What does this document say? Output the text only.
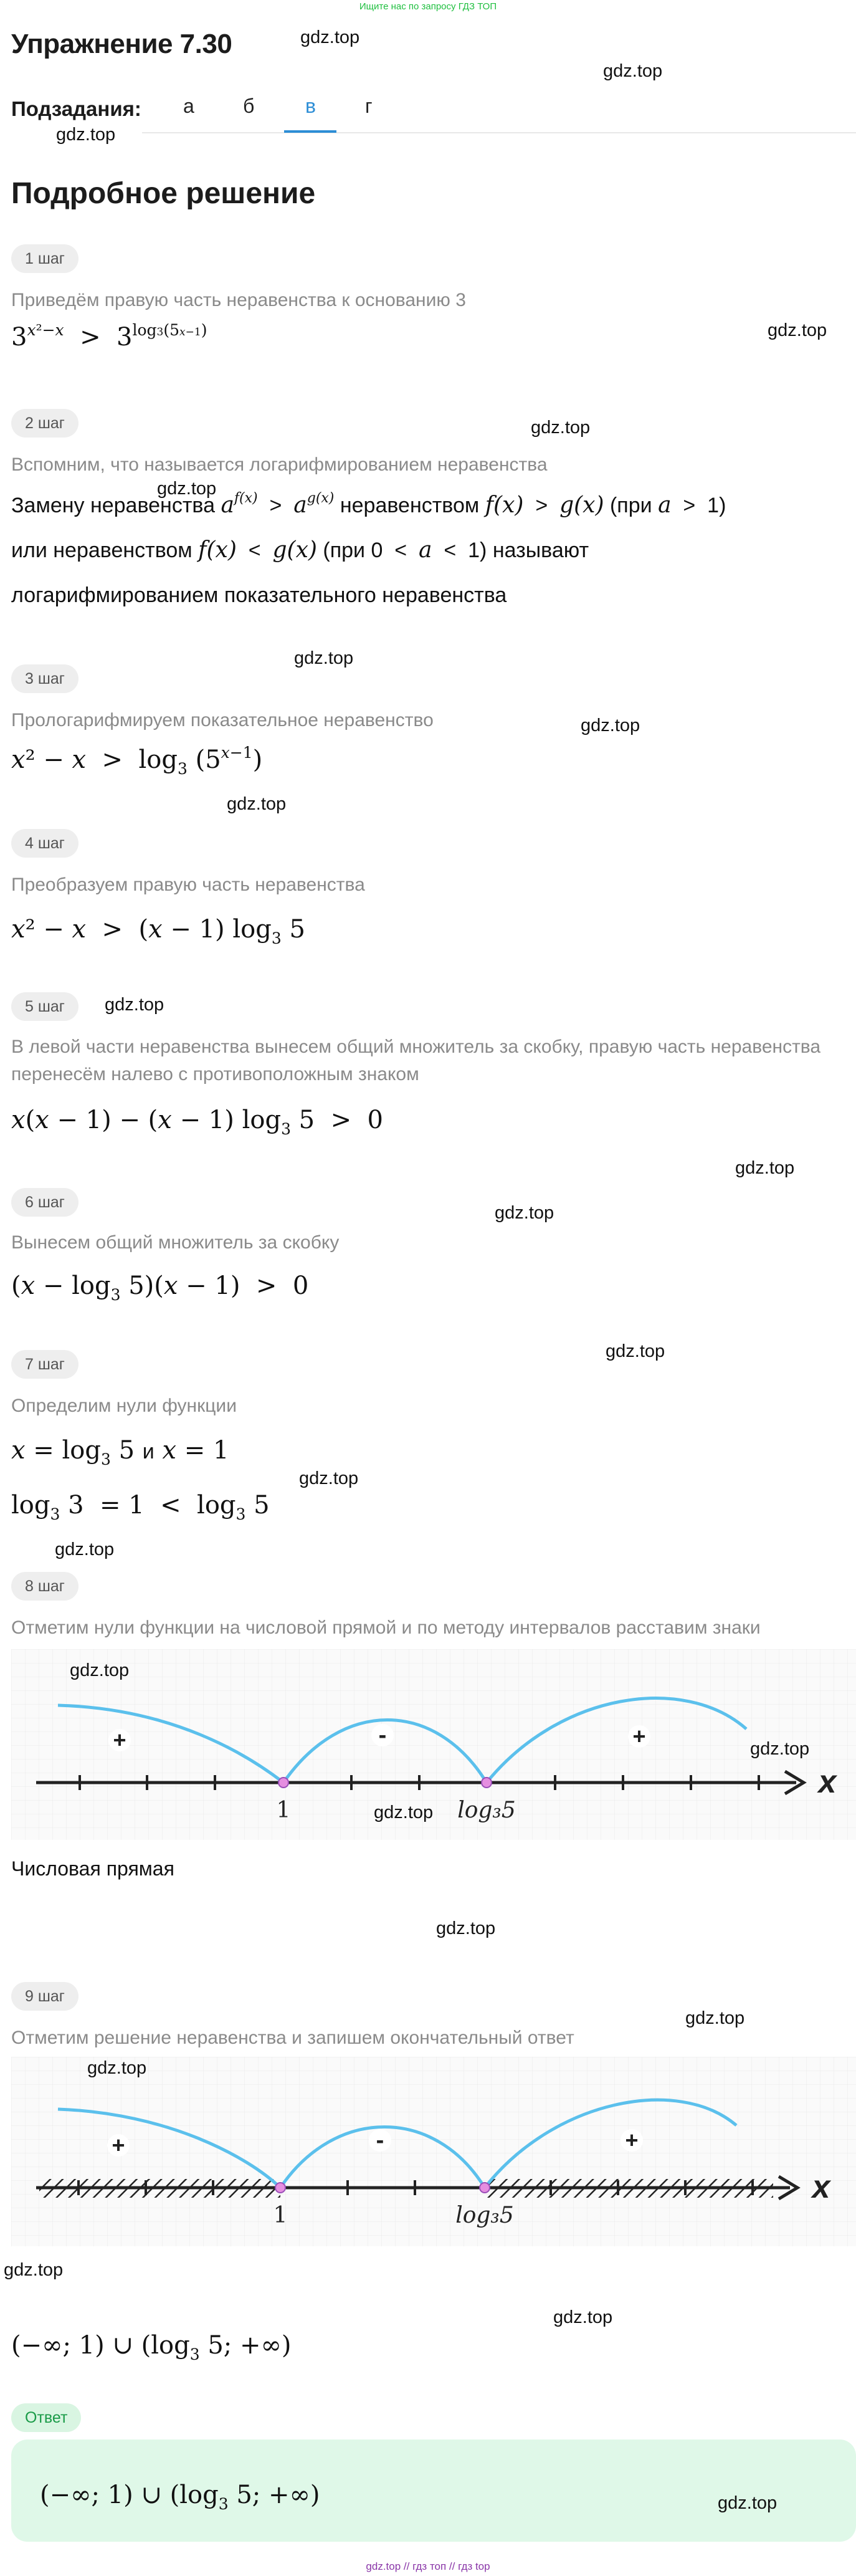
Ищите нас по запросу ГДЗ ТОП
Упражнение 7.30
Подзадания: а б	в г
Подробное решение
1 шаг
Приведём правую часть неравенства к основанию 3
$3^{x^2-x} > 3^{log3(5x-1)}$
2 шаг
Вспомним, что называется логарифмированием неравенства
Замену неравенства $a^{f(x)} > a^{g(x)}$ неравенством f(x)  >  g(x) (при a  >  1)
или неравенством f(x)  <  g(x) (при 0  <  a  <  1) называют
логарифмированием показательного неравенства
3 шаг
Прологарифмируем показательное неравенство
$x^2 - x > \log_3 (5^{x-1})$
4 шаг
Преобразуем правую часть неравенства
x² − x  >  (x − 1) $\log_3 5$
5 шаг
В левой части неравенства вынесем общий множитель за скобку, правую часть неравенства перенесём налево с противоположным знаком
x(x − 1) − (x − 1) $\log_3 5 > 0$
6 шаг
Вынесем общий множитель за скобку
$(x - \log_3 5)(x - 1) > 0$
7 шаг
Определим нули функции
$x = \log_3 5$ и x = 1
$\log_3 3 = 1 < \log_3 5$
8 шаг
Отметим нули функции на числовой прямой и по методу интервалов расставим знаки
+	-	+
1	log₃5
x
Числовая прямая
9 шаг
Отметим решение неравенства и запишем окончательный ответ
+	-	+
1	log₃5
x
(−∞; 1) ∪ ($\log_3$ 5; +∞)
Ответ
(−∞; 1) ∪ ($\log_3$ 5; +∞)
gdz.top
gdz.top
gdz.top
gdz.top
gdz.top
gdz.top
gdz.top
gdz.top
gdz.top
gdz.top
gdz.top
gdz.top
gdz.top
gdz.top
gdz.top
gdz.top
gdz.top
gdz.top
gdz.top
gdz.top
gdz.top
gdz.top
gdz.top
gdz.top
gdz.top // гдз топ // гдз top
